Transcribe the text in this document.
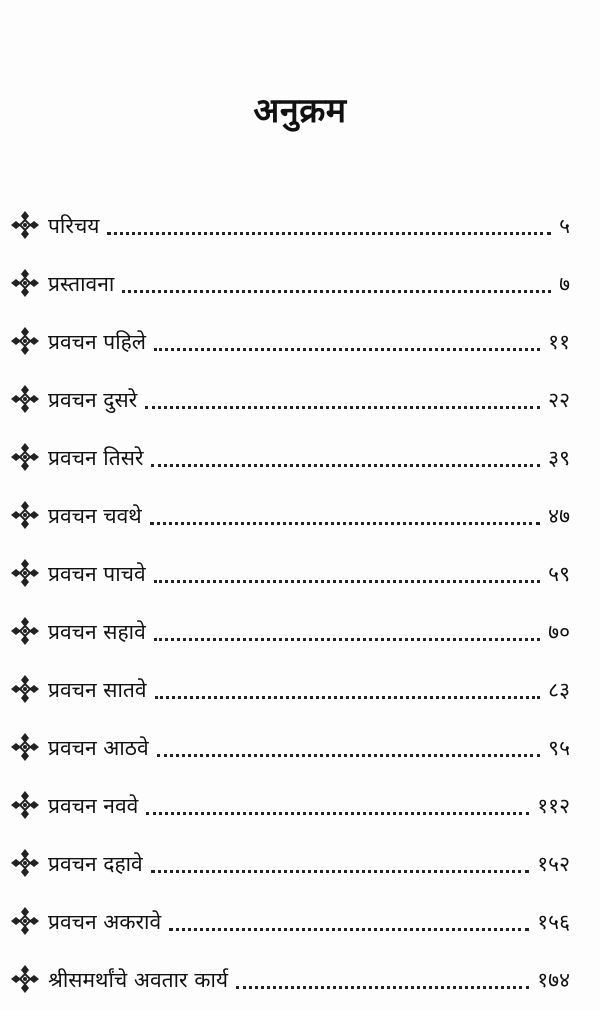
अनुक्रम
परिचय	५
प्रस्तावना	७
प्रवचन पहिले	११
प्रवचन दुसरे	२२
प्रवचन तिसरे	३९
प्रवचन चवथे	४७
प्रवचन पाचवे	५९
प्रवचन सहावे	७०
प्रवचन सातवे	८३
प्रवचन आठवे	९५
प्रवचन नववे	११२
प्रवचन दहावे	१५२
प्रवचन अकरावे	१५६
श्रीसमर्थांचे अवतार कार्य	१७४
